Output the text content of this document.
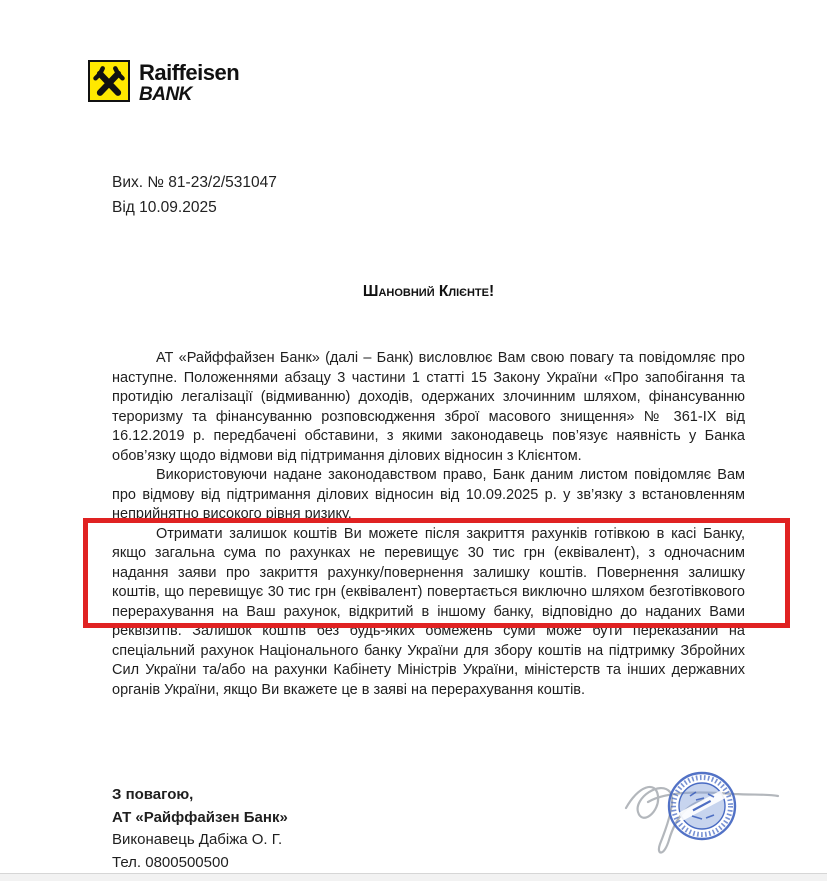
Raiffeisen
BANK
Вих. № 81-23/2/531047
Від 10.09.2025
Шановний Клієнте!

АТ «Райффайзен Банк» (далі – Банк) висловлює Вам свою повагу та повідомляє про наступне. Положеннями абзацу 3 частини 1 статті 15 Закону України «Про запобігання та протидію легалізації (відмиванню) доходів, одержаних злочинним шляхом, фінансуванню тероризму та фінансуванню розповсюдження зброї масового знищення» № 361-ІХ від 16.12.2019 р. передбачені обставини, з якими законодавець пов’язує наявність у Банка обов’язку щодо відмови від підтримання ділових відносин з Клієнтом.

Використовуючи надане законодавством право, Банк даним листом повідомляє Вам про відмову від підтримання ділових відносин від 10.09.2025 р. у зв’язку з встановленням неприйнятно високого рівня ризику.

Отримати залишок коштів Ви можете після закриття рахунків готівкою в касі Банку, якщо загальна сума по рахунках не перевищує 30 тис грн (еквівалент), з одночасним надання заяви про закриття рахунку/повернення залишку коштів. Повернення залишку коштів, що перевищує 30 тис грн (еквівалент) повертається виключно шляхом безготівкового перерахування на Ваш рахунок, відкритий в іншому банку, відповідно до наданих Вами реквізитів. Залишок коштів без будь-яких обмежень суми може бути переказаний на спеціальний рахунок Національного банку України для збору коштів на підтримку Збройних Сил України та/або на рахунки Кабінету Міністрів України, міністерств та інших державних органів України, якщо Ви вкажете це в заяві на перерахування коштів.

З повагою,
АТ «Райффайзен Банк»
Виконавець Дабіжа О. Г.
Тел. 0800500500
